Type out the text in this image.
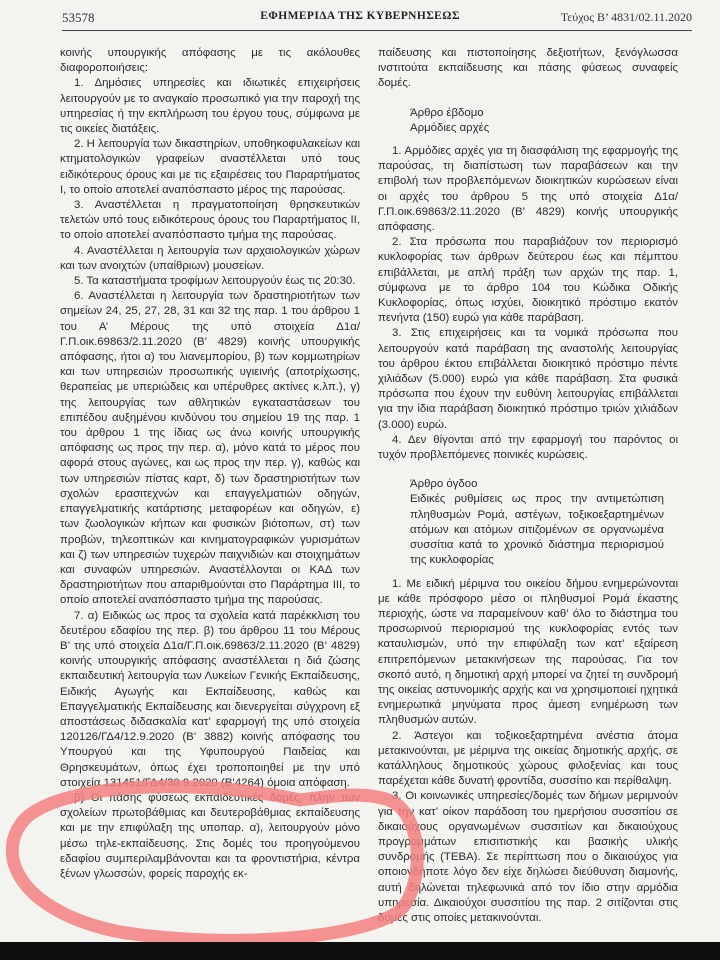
53578	ΕΦΗΜΕΡΙΔΑ ΤΗΣ ΚΥΒΕΡΝΗΣΕΩΣ	Τεύχος Β’ 4831/02.11.2020

κοινής υπουργικής απόφασης με τις ακόλουθες διαφοροποιήσεις:

1. Δημόσιες υπηρεσίες και ιδιωτικές επιχειρήσεις λειτουργούν με το αναγκαίο προσωπικό για την παροχή της υπηρεσίας ή την εκπλήρωση του έργου τους, σύμφωνα με τις οικείες διατάξεις.

2. Η λειτουργία των δικαστηρίων, υποθηκοφυλακείων και κτηματολογικών γραφείων αναστέλλεται υπό τους ειδικότερους όρους και με τις εξαιρέσεις του Παραρτήματος Ι, το οποίο αποτελεί αναπόσπαστο μέρος της παρούσας.

3. Αναστέλλεται η πραγματοποίηση θρησκευτικών τελετών υπό τους ειδικότερους όρους του Παραρτήματος ΙΙ, το οποίο αποτελεί αναπόσπαστο τμήμα της παρούσας.

4. Αναστέλλεται η λειτουργία των αρχαιολογικών χώρων και των ανοιχτών (υπαίθριων) μουσείων.

5. Τα καταστήματα τροφίμων λειτουργούν έως τις 20:30.

6. Αναστέλλεται η λειτουργία των δραστηριοτήτων των σημείων 24, 25, 27, 28, 31 και 32 της παρ. 1 του άρθρου 1 του Α’ Μέρους της υπό στοιχεία Δ1α/Γ.Π.οικ.69863/2.11.2020 (Β’ 4829) κοινής υπουργικής απόφασης, ήτοι α) του λιανεμπορίου, β) των κομμωτηρίων και των υπηρεσιών προσωπικής υγιεινής (αποτρίχωσης, θεραπείας με υπεριώδεις και υπέρυθρες ακτίνες κ.λπ.), γ) της λειτουργίας των αθλητικών εγκαταστάσεων του επιπέδου αυξημένου κινδύνου του σημείου 19 της παρ. 1 του άρθρου 1 της ίδιας ως άνω κοινής υπουργικής απόφασης ως προς την περ. α), μόνο κατά το μέρος που αφορά στους αγώνες, και ως προς την περ. γ), καθώς και των υπηρεσιών πίστας καρτ, δ) των δραστηριοτήτων των σχολών ερασιτεχνών και επαγγελματιών οδηγών, επαγγελματικής κατάρτισης μεταφορέων και οδηγών, ε) των ζωολογικών κήπων και φυσικών βιότοπων, στ) των προβών, τηλεοπτικών και κινηματογραφικών γυρισμάτων και ζ) των υπηρεσιών τυχερών παιχνιδιών και στοιχημάτων και συναφών υπηρεσιών. Αναστέλλονται οι ΚΑΔ των δραστηριοτήτων που απαριθμούνται στο Παράρτημα ΙΙΙ, το οποίο αποτελεί αναπόσπαστο τμήμα της παρούσας.

7. α) Ειδικώς ως προς τα σχολεία κατά παρέκκλιση του δευτέρου εδαφίου της περ. β) του άρθρου 11 του Μέρους Β’ της υπό στοιχεία Δ1α/Γ.Π.οικ.69863/2.11.2020 (Β’ 4829) κοινής υπουργικής απόφασης αναστέλλεται η διά ζώσης εκπαιδευτική λειτουργία των Λυκείων Γενικής Εκπαίδευσης, Ειδικής Αγωγής και Εκπαίδευσης, καθώς και Επαγγελματικής Εκπαίδευσης και διενεργείται σύγχρονη εξ αποστάσεως διδασκαλία κατ’ εφαρμογή της υπό στοιχεία 120126/ΓΔ4/12.9.2020 (Β’ 3882) κοινής απόφασης του Υπουργού και της Υφυπουργού Παιδείας και Θρησκευμάτων, όπως έχει τροποποιηθεί με την υπό στοιχεία 131451/ΓΔ4/30.9.2020 (Β’4264) όμοια απόφαση.

β) Οι πάσης φύσεως εκπαιδευτικές δομές, πλην των σχολείων πρωτοβάθμιας και δευτεροβάθμιας εκπαίδευσης και με την επιφύλαξη της υποπαρ. α), λειτουργούν μόνο μέσω τηλε-εκπαίδευσης. Στις δομές του προηγούμενου εδαφίου συμπεριλαμβάνονται και τα φροντιστήρια, κέντρα ξένων γλωσσών, φορείς παροχής εκ-

παίδευσης και πιστοποίησης δεξιοτήτων, ξενόγλωσσα ινστιτούτα εκπαίδευσης και πάσης φύσεως συναφείς δομές.

Άρθρο έβδομο

Αρμόδιες αρχές

1. Αρμόδιες αρχές για τη διασφάλιση της εφαρμογής της παρούσας, τη διαπίστωση των παραβάσεων και την επιβολή των προβλεπόμενων διοικητικών κυρώσεων είναι οι αρχές του άρθρου 5 της υπό στοιχεία Δ1α/Γ.Π.οικ.69863/2.11.2020 (Β’ 4829) κοινής υπουργικής απόφασης.

2. Στα πρόσωπα που παραβιάζουν τον περιορισμό κυκλοφορίας των άρθρων δεύτερου έως και πέμπτου επιβάλλεται, με απλή πράξη των αρχών της παρ. 1, σύμφωνα με το άρθρο 104 του Κώδικα Οδικής Κυκλοφορίας, όπως ισχύει, διοικητικό πρόστιμο εκατόν πενήντα (150) ευρώ για κάθε παράβαση.

3. Στις επιχειρήσεις και τα νομικά πρόσωπα που λειτουργούν κατά παράβαση της αναστολής λειτουργίας του άρθρου έκτου επιβάλλεται διοικητικό πρόστιμο πέντε χιλιάδων (5.000) ευρώ για κάθε παράβαση. Στα φυσικά πρόσωπα που έχουν την ευθύνη λειτουργίας επιβάλλεται για την ίδια παράβαση διοικητικό πρόστιμο τριών χιλιάδων (3.000) ευρώ.

4. Δεν θίγονται από την εφαρμογή του παρόντος οι τυχόν προβλεπόμενες ποινικές κυρώσεις.

Άρθρο όγδοο

Ειδικές ρυθμίσεις ως προς την αντιμετώπιση πληθυσμών Ρομά, αστέγων, τοξικοεξαρτημένων ατόμων και ατόμων σιτιζομένων σε οργανωμένα συσσίτια κατά το χρονικό διάστημα περιορισμού της κυκλοφορίας

1. Με ειδική μέριμνα του οικείου δήμου ενημερώνονται με κάθε πρόσφορο μέσο οι πληθυσμοί Ρομά έκαστης περιοχής, ώστε να παραμείνουν καθ’ όλο το διάστημα του προσωρινού περιορισμού της κυκλοφορίας εντός των καταυλισμών, υπό την επιφύλαξη των κατ’ εξαίρεση επιτρεπόμενων μετακινήσεων της παρούσας. Για τον σκοπό αυτό, η δημοτική αρχή μπορεί να ζητεί τη συνδρομή της οικείας αστυνομικής αρχής και να χρησιμοποιεί ηχητικά ενημερωτικά μηνύματα προς άμεση ενημέρωση των πληθυσμών αυτών.

2. Άστεγοι και τοξικοεξαρτημένα ανέστια άτομα μετακινούνται, με μέριμνα της οικείας δημοτικής αρχής, σε κατάλληλους δημοτικούς χώρους φιλοξενίας και τους παρέχεται κάθε δυνατή φροντίδα, συσσίτιο και περίθαλψη.

3. Οι κοινωνικές υπηρεσίες/δομές των δήμων μεριμνούν για την κατ’ οίκον παράδοση του ημερήσιου συσσιτίου σε δικαιούχους οργανωμένων συσσιτίων και δικαιούχους προγραμμάτων επισιτιστικής και βασικής υλικής συνδρομής (ΤΕΒΑ). Σε περίπτωση που ο δικαιούχος για οποιονδήποτε λόγο δεν είχε δηλώσει διεύθυνση διαμονής, αυτή δηλώνεται τηλεφωνικά από τον ίδιο στην αρμόδια υπηρεσία. Δικαιούχοι συσσιτίου της παρ. 2 σιτίζονται στις δομές στις οποίες μετακινούνται.
